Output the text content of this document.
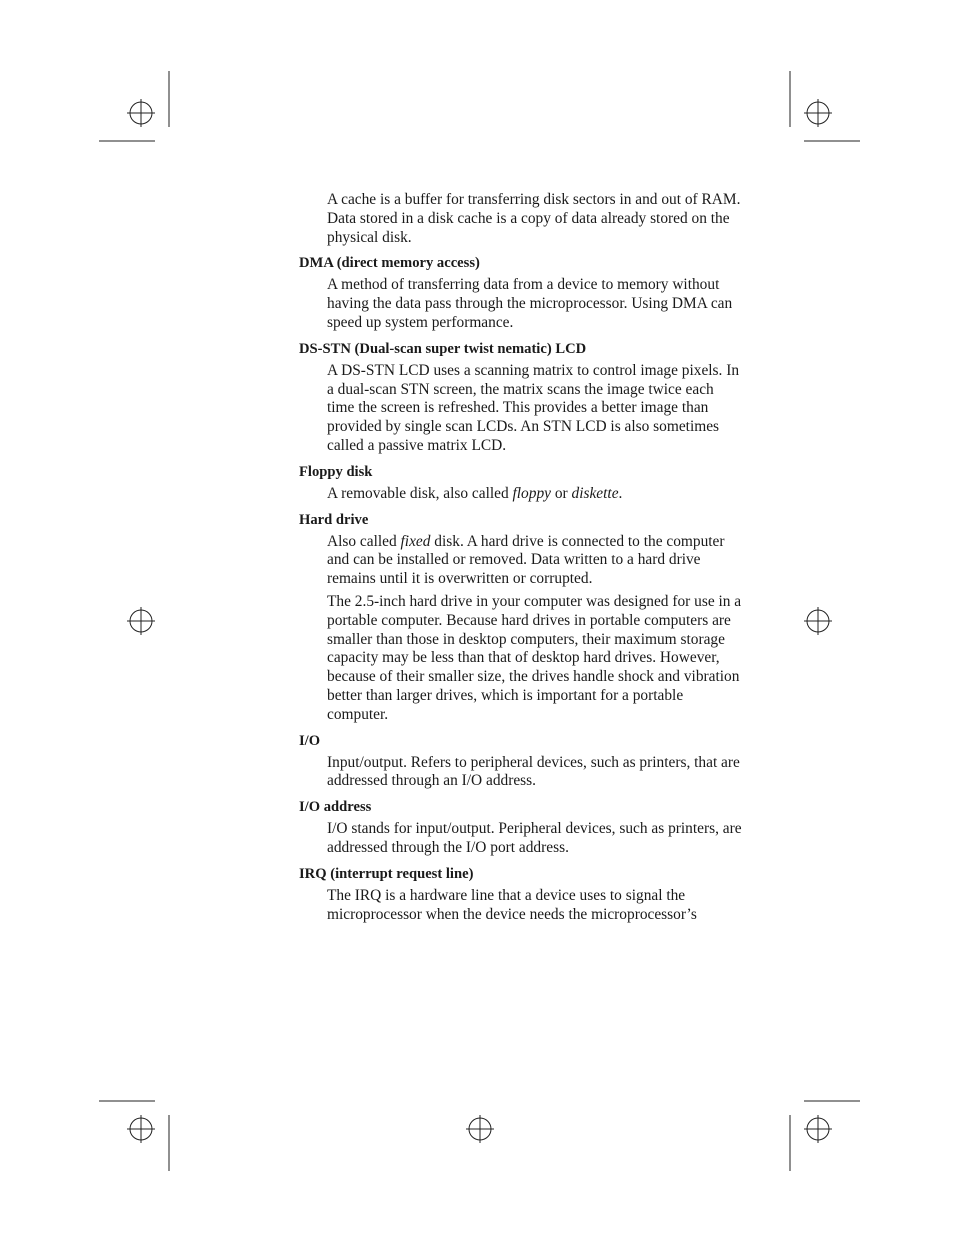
A cache is a buffer for transferring disk sectors in and out of RAM. Data stored in a disk cache is a copy of data already stored on the physical disk.

DMA (direct memory access)

A method of transferring data from a device to memory without having the data pass through the microprocessor. Using DMA can speed up system performance.

DS-STN (Dual-scan super twist nematic) LCD

A DS-STN LCD uses a scanning matrix to control image pixels. In a dual-scan STN screen, the matrix scans the image twice each time the screen is refreshed. This provides a better image than provided by single scan LCDs. An STN LCD is also sometimes called a passive matrix LCD.

Floppy disk

A removable disk, also called floppy or diskette.

Hard drive

Also called fixed disk. A hard drive is connected to the computer and can be installed or removed. Data written to a hard drive remains until it is overwritten or corrupted.

The 2.5-inch hard drive in your computer was designed for use in a portable computer. Because hard drives in portable computers are smaller than those in desktop computers, their maximum storage capacity may be less than that of desktop hard drives. However, because of their smaller size, the drives handle shock and vibration better than larger drives, which is important for a portable computer.

I/O

Input/output. Refers to peripheral devices, such as printers, that are addressed through an I/O address.

I/O address

I/O stands for input/output. Peripheral devices, such as printers, are addressed through the I/O port address.

IRQ (interrupt request line)

The IRQ is a hardware line that a device uses to signal the microprocessor when the device needs the microprocessor’s
